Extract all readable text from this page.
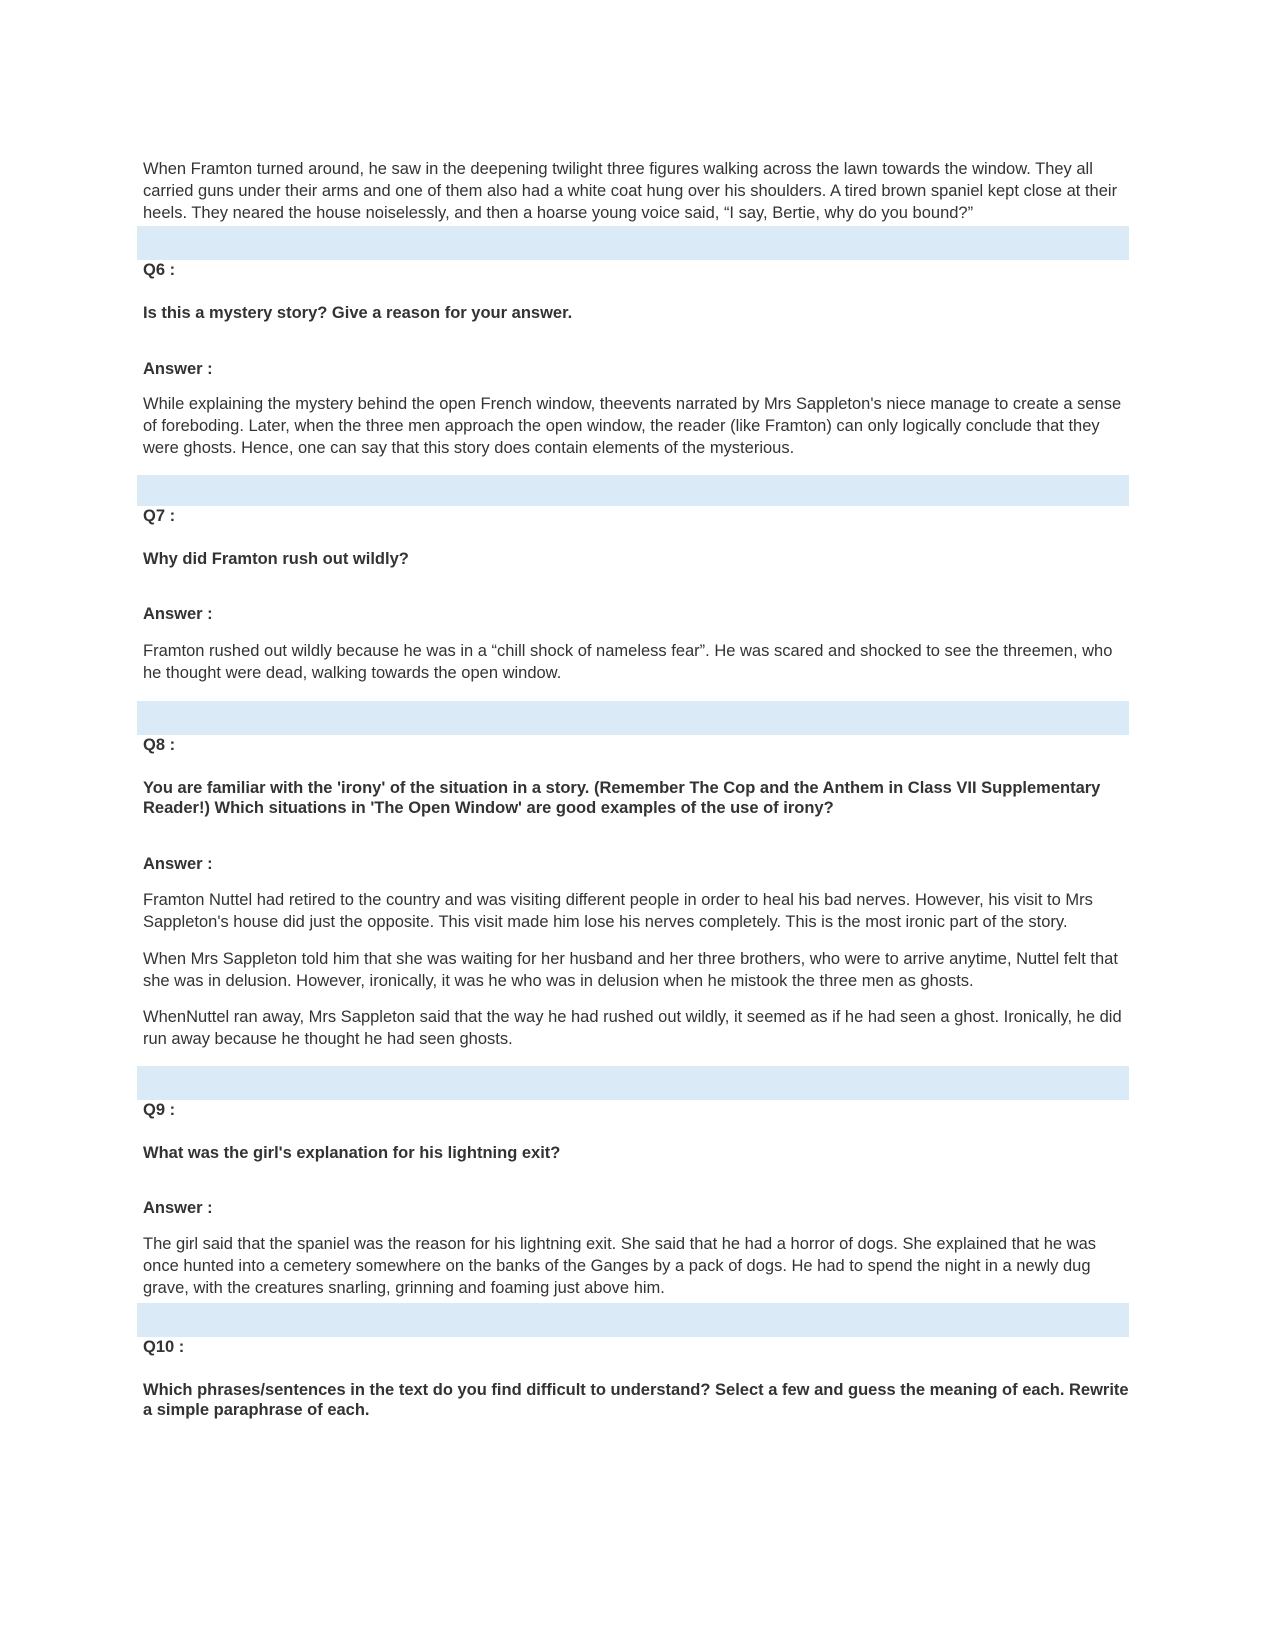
When Framton turned around, he saw in the deepening twilight three figures walking across the lawn towards the window. They all carried guns under their arms and one of them also had a white coat hung over his shoulders. A tired brown spaniel kept close at their heels. They neared the house noiselessly, and then a hoarse young voice said, “I say, Bertie, why do you bound?”

Q6 :

Is this a mystery story? Give a reason for your answer.

Answer :

While explaining the mystery behind the open French window, theevents narrated by Mrs Sappleton's niece manage to create a sense of foreboding. Later, when the three men approach the open window, the reader (like Framton) can only logically conclude that they were ghosts. Hence, one can say that this story does contain elements of the mysterious.

Q7 :

Why did Framton rush out wildly?

Answer :

Framton rushed out wildly because he was in a “chill shock of nameless fear”. He was scared and shocked to see the threemen, who he thought were dead, walking towards the open window.

Q8 :

You are familiar with the 'irony' of the situation in a story. (Remember The Cop and the Anthem in Class VII Supplementary Reader!) Which situations in 'The Open Window' are good examples of the use of irony?

Answer :

Framton Nuttel had retired to the country and was visiting different people in order to heal his bad nerves. However, his visit to Mrs Sappleton's house did just the opposite. This visit made him lose his nerves completely. This is the most ironic part of the story.

When Mrs Sappleton told him that she was waiting for her husband and her three brothers, who were to arrive anytime, Nuttel felt that she was in delusion. However, ironically, it was he who was in delusion when he mistook the three men as ghosts.

WhenNuttel ran away, Mrs Sappleton said that the way he had rushed out wildly, it seemed as if he had seen a ghost. Ironically, he did run away because he thought he had seen ghosts.

Q9 :

What was the girl's explanation for his lightning exit?

Answer :

The girl said that the spaniel was the reason for his lightning exit. She said that he had a horror of dogs. She explained that he was once hunted into a cemetery somewhere on the banks of the Ganges by a pack of dogs. He had to spend the night in a newly dug grave, with the creatures snarling, grinning and foaming just above him.

Q10 :

Which phrases/sentences in the text do you find difficult to understand? Select a few and guess the meaning of each. Rewrite a simple paraphrase of each.
